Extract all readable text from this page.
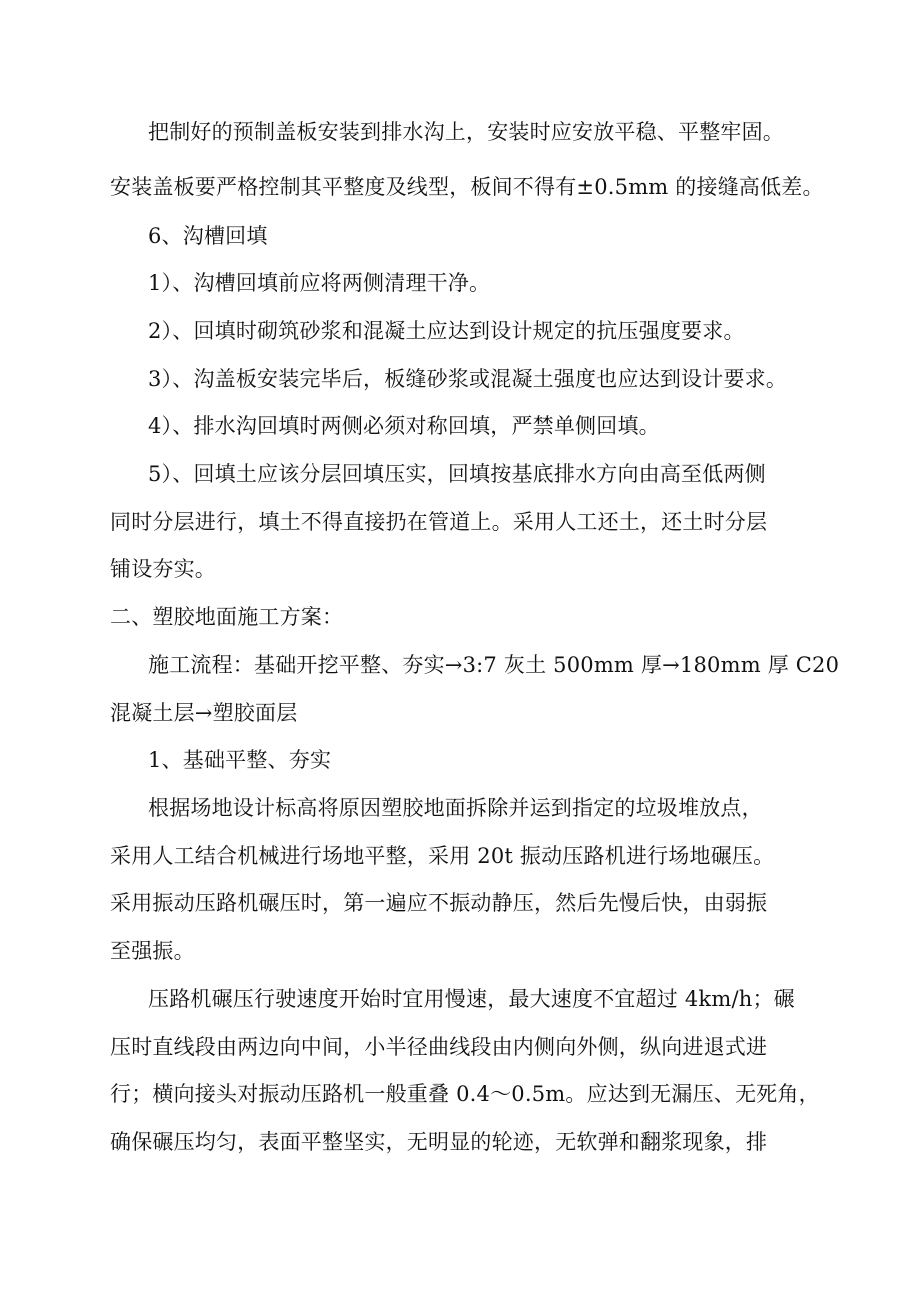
把制好的预制盖板安装到排水沟上，安装时应安放平稳、平整牢固。
安装盖板要严格控制其平整度及线型，板间不得有±0.5mm 的接缝高低差。
6、沟槽回填
1）、沟槽回填前应将两侧清理干净。
2）、回填时砌筑砂浆和混凝土应达到设计规定的抗压强度要求。
3）、沟盖板安装完毕后，板缝砂浆或混凝土强度也应达到设计要求。
4）、排水沟回填时两侧必须对称回填，严禁单侧回填。
5）、回填土应该分层回填压实，回填按基底排水方向由高至低两侧
同时分层进行，填土不得直接扔在管道上。采用人工还土，还土时分层
铺设夯实。
二、塑胶地面施工方案：
施工流程：基础开挖平整、夯实→3:7 灰土 500mm 厚→180mm 厚 C20
混凝土层→塑胶面层
1、基础平整、夯实
根据场地设计标高将原因塑胶地面拆除并运到指定的垃圾堆放点，
采用人工结合机械进行场地平整，采用 20t 振动压路机进行场地碾压。
采用振动压路机碾压时，第一遍应不振动静压，然后先慢后快，由弱振
至强振。
压路机碾压行驶速度开始时宜用慢速，最大速度不宜超过 4km/h；碾
压时直线段由两边向中间，小半径曲线段由内侧向外侧，纵向进退式进
行；横向接头对振动压路机一般重叠 0.4～0.5m。应达到无漏压、无死角，
确保碾压均匀，表面平整坚实，无明显的轮迹，无软弹和翻浆现象，排
